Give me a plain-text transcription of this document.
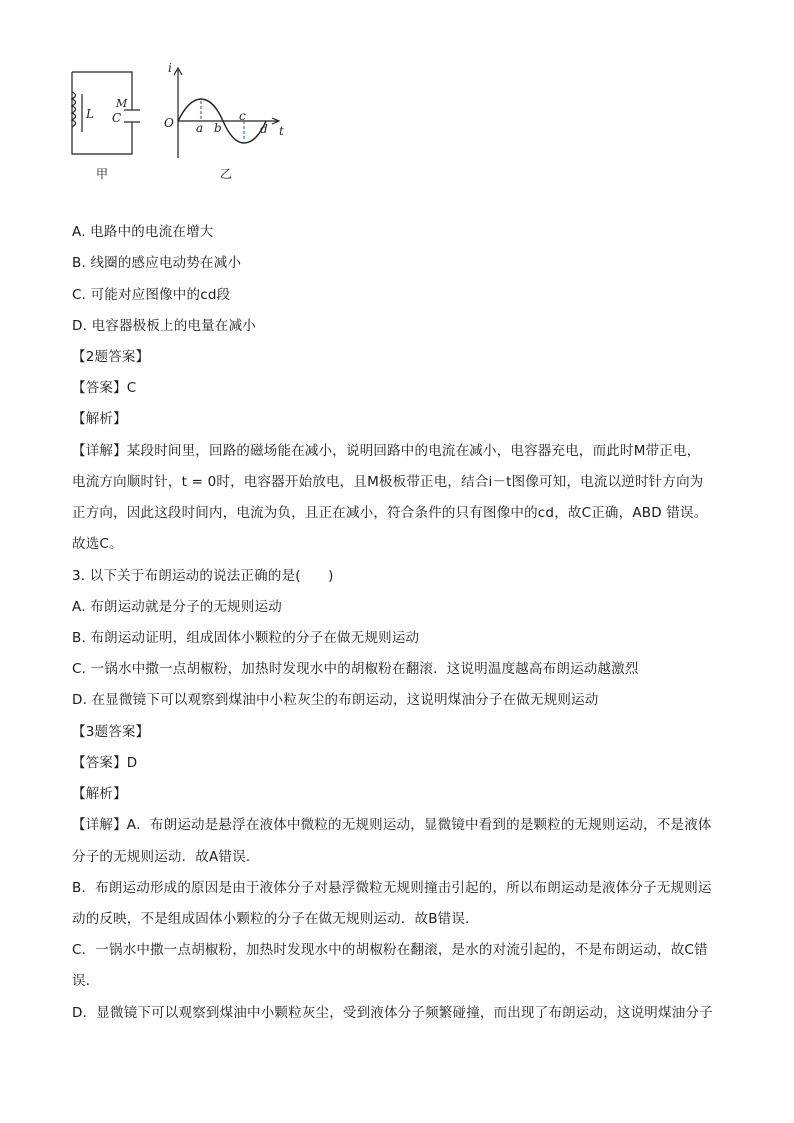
L C
M
甲
i
t
O a b
c
d
乙
A. 电路中的电流在增大
B. 线圈的感应电动势在减小
C. 可能对应图像中的cd段
D. 电容器极板上的电量在减小
【2题答案】
【答案】C
【解析】
【详解】某段时间里，回路的磁场能在减小，说明回路中的电流在减小，电容器充电，而此时M带正电，
电流方向顺时针，t = 0时，电容器开始放电，且M极板带正电，结合i－t图像可知，电流以逆时针方向为
正方向，因此这段时间内，电流为负，且正在减小，符合条件的只有图像中的cd，故C正确，ABD 错误。
故选C。
3. 以下关于布朗运动的说法正确的是(　　)
A. 布朗运动就是分子的无规则运动
B. 布朗运动证明，组成固体小颗粒的分子在做无规则运动
C. 一锅水中撒一点胡椒粉，加热时发现水中的胡椒粉在翻滚．这说明温度越高布朗运动越激烈
D. 在显微镜下可以观察到煤油中小粒灰尘的布朗运动，这说明煤油分子在做无规则运动
【3题答案】
【答案】D
【解析】
【详解】A．布朗运动是悬浮在液体中微粒的无规则运动，显微镜中看到的是颗粒的无规则运动，不是液体
分子的无规则运动．故A错误．
B．布朗运动形成的原因是由于液体分子对悬浮微粒无规则撞击引起的，所以布朗运动是液体分子无规则运
动的反映，不是组成固体小颗粒的分子在做无规则运动．故B错误．
C．一锅水中撒一点胡椒粉，加热时发现水中的胡椒粉在翻滚，是水的对流引起的，不是布朗运动，故C错
误．
D．显微镜下可以观察到煤油中小颗粒灰尘，受到液体分子频繁碰撞，而出现了布朗运动，这说明煤油分子
